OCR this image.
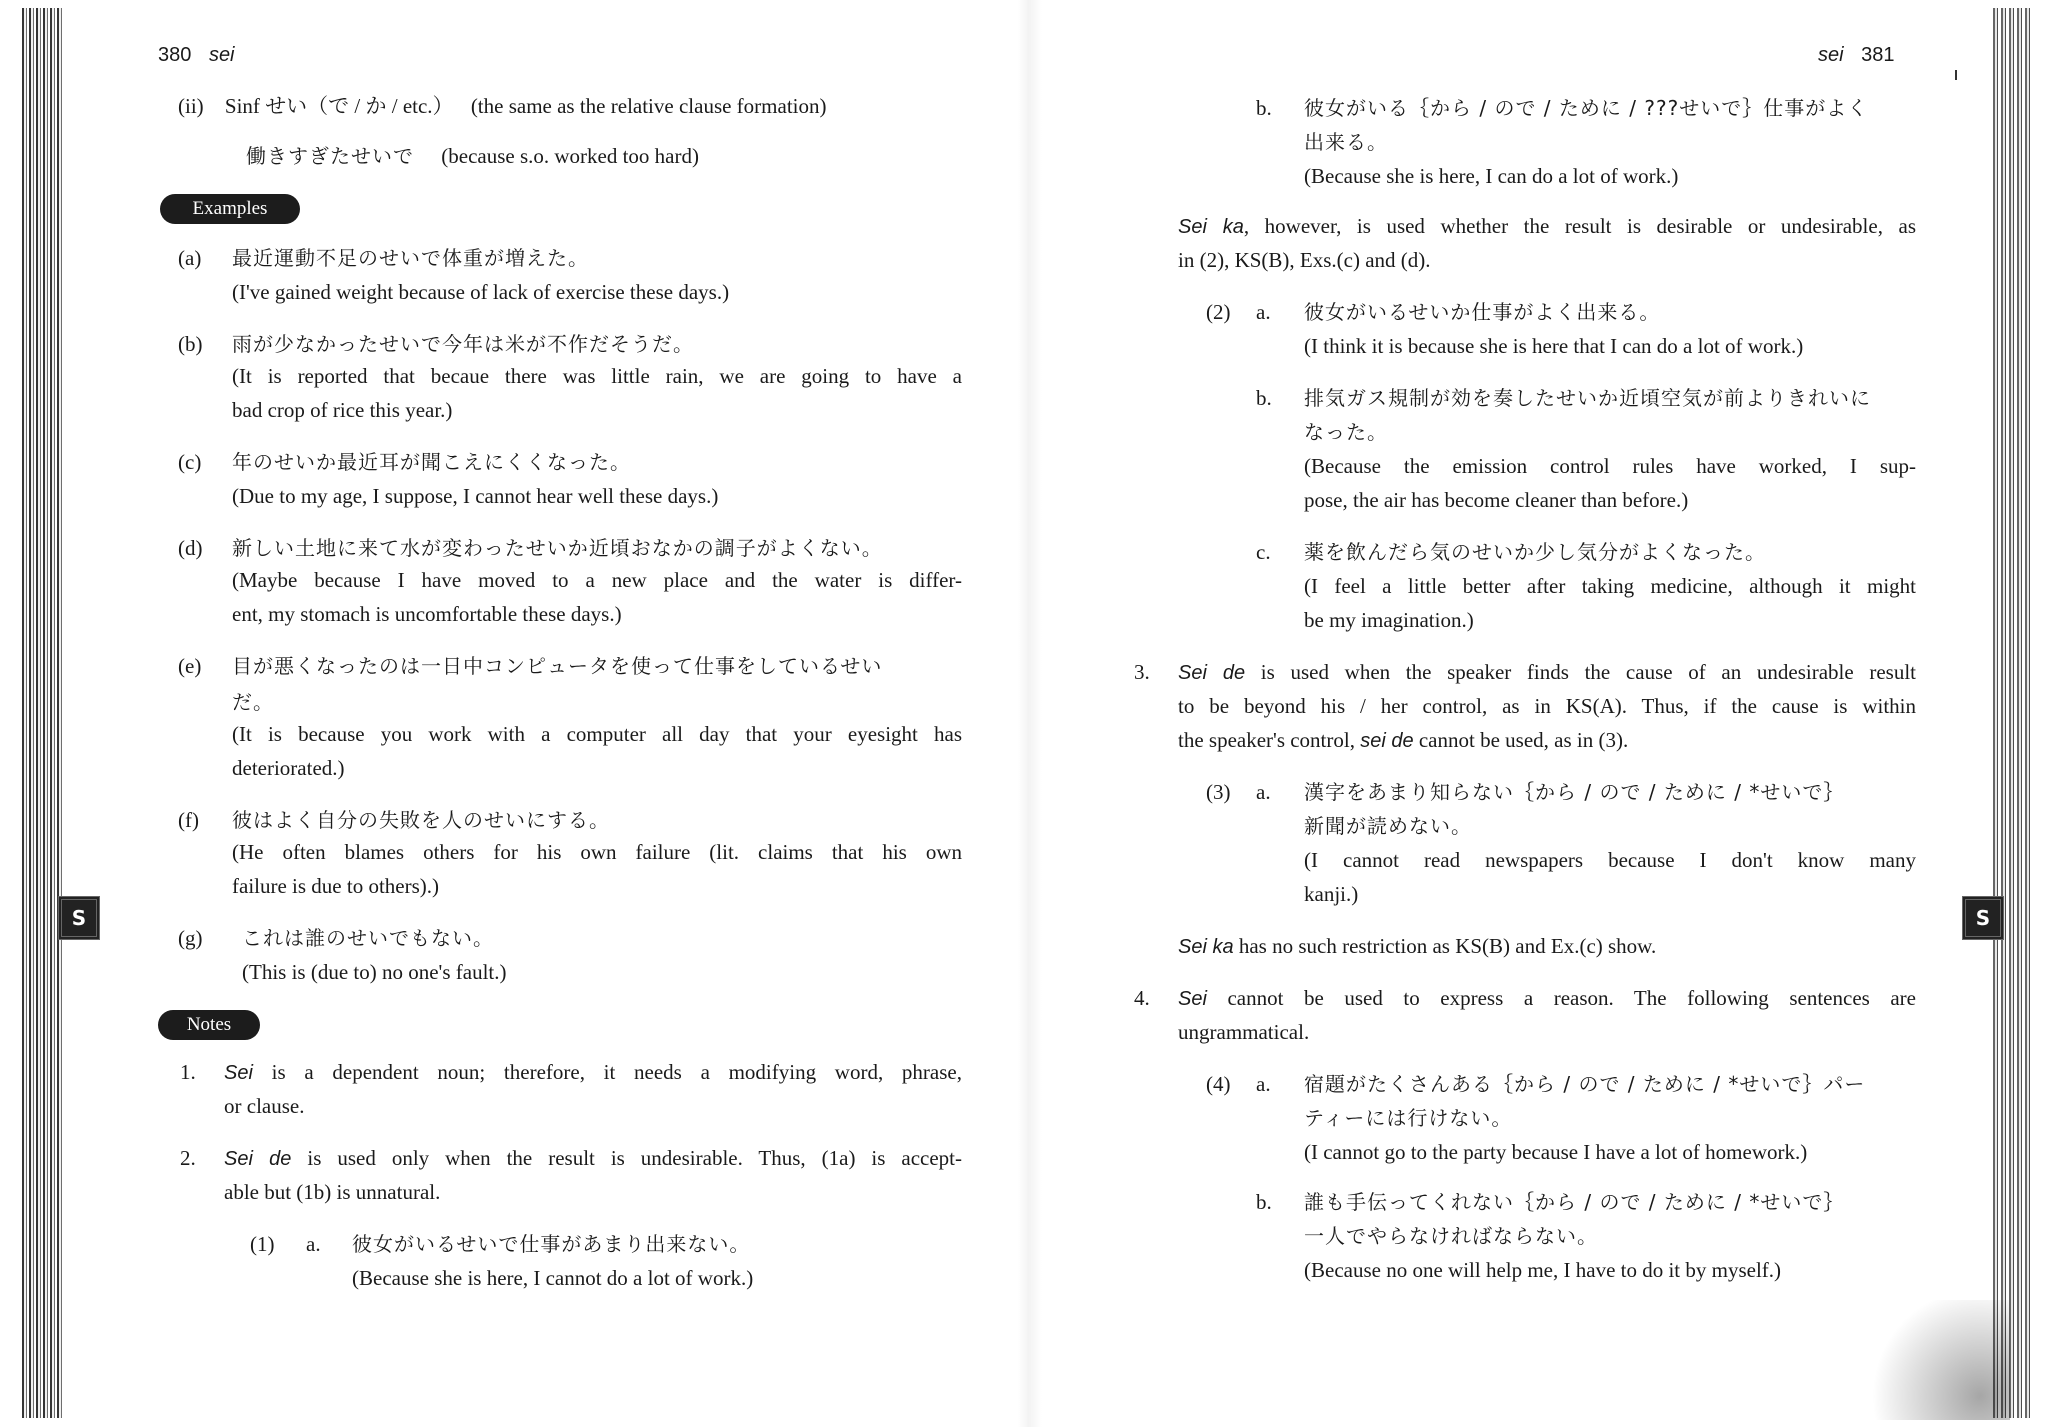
S	S
380 sei
(ii) Sinf せい（で / か / etc.） (the same as the relative clause formation)
働きすぎたせいで (because s.o. worked too hard)
Examples
(a) 最近運動不足のせいで体重が増えた。
(I've gained weight because of lack of exercise these days.)
(b) 雨が少なかったせいで今年は米が不作だそうだ。
(It is reported that becaue there was little rain, we are going to have a
bad crop of rice this year.)
(c) 年のせいか最近耳が聞こえにくくなった。
(Due to my age, I suppose, I cannot hear well these days.)
(d) 新しい土地に来て水が変わったせいか近頃おなかの調子がよくない。
(Maybe because I have moved to a new place and the water is differ-
ent, my stomach is uncomfortable these days.)
(e) 目が悪くなったのは一日中コンピュータを使って仕事をしているせい
だ。
(It is because you work with a computer all day that your eyesight has
deteriorated.)
(f) 彼はよく自分の失敗を人のせいにする。
(He often blames others for his own failure (lit. claims that his own
failure is due to others).)
(g) これは誰のせいでもない。
(This is (due to) no one's fault.)
Notes
1. Sei is a dependent noun; therefore, it needs a modifying word, phrase,
or clause.
2. Sei de is used only when the result is undesirable. Thus, (1a) is accept-
able but (1b) is unnatural.
(1) a. 彼女がいるせいで仕事があまり出来ない。
(Because she is here, I cannot do a lot of work.)
sei 381
b. 彼女がいる｛から / ので / ために / ???せいで｝仕事がよく
出来る。
(Because she is here, I can do a lot of work.)
Sei ka, however, is used whether the result is desirable or undesirable, as
in (2), KS(B), Exs.(c) and (d).
(2) a. 彼女がいるせいか仕事がよく出来る。
(I think it is because she is here that I can do a lot of work.)
b. 排気ガス規制が効を奏したせいか近頃空気が前よりきれいに
なった。
(Because the emission control rules have worked, I sup-
pose, the air has become cleaner than before.)
c. 薬を飲んだら気のせいか少し気分がよくなった。
(I feel a little better after taking medicine, although it might
be my imagination.)
3. Sei de is used when the speaker finds the cause of an undesirable result
to be beyond his / her control, as in KS(A). Thus, if the cause is within
the speaker's control, sei de cannot be used, as in (3).
(3) a. 漢字をあまり知らない｛から / ので / ために / *せいで｝
新聞が読めない。
(I cannot read newspapers because I don't know many
kanji.)
Sei ka has no such restriction as KS(B) and Ex.(c) show.
4. Sei cannot be used to express a reason. The following sentences are
ungrammatical.
(4) a. 宿題がたくさんある｛から / ので / ために / *せいで｝パー
ティーには行けない。
(I cannot go to the party because I have a lot of homework.)
b. 誰も手伝ってくれない｛から / ので / ために / *せいで｝
一人でやらなければならない。
(Because no one will help me, I have to do it by myself.)
